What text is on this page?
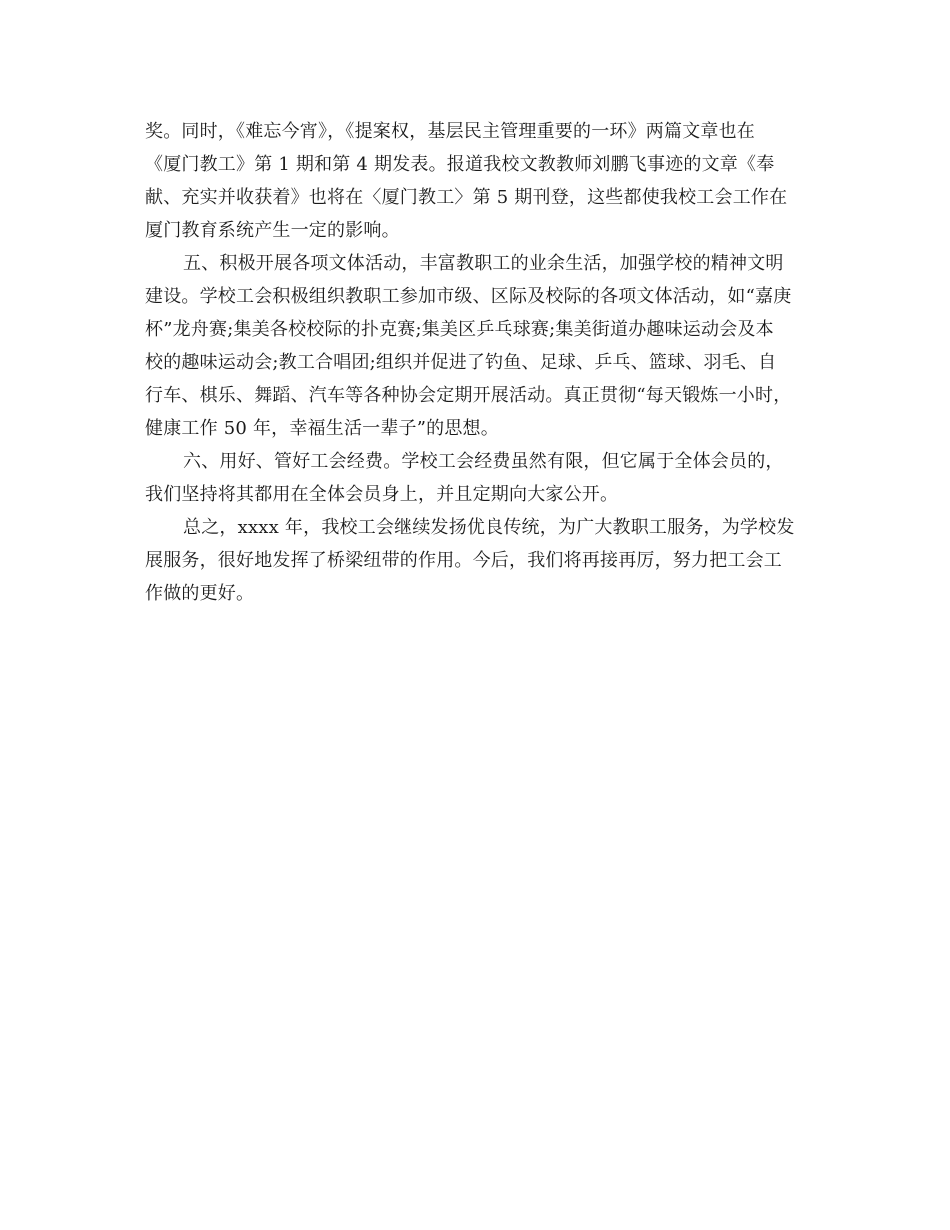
奖。同时，《难忘今宵》，《提案权，基层民主管理重要的一环》两篇文章也在
《厦门教工》第 1 期和第 4 期发表。报道我校文教教师刘鹏飞事迹的文章《奉
献、充实并收获着》也将在〈厦门教工〉第 5 期刊登，这些都使我校工会工作在
厦门教育系统产生一定的影响。
五、积极开展各项文体活动，丰富教职工的业余生活，加强学校的精神文明
建设。学校工会积极组织教职工参加市级、区际及校际的各项文体活动，如“嘉庚
杯”龙舟赛;集美各校校际的扑克赛;集美区乒乓球赛;集美街道办趣味运动会及本
校的趣味运动会;教工合唱团;组织并促进了钓鱼、足球、乒乓、篮球、羽毛、自
行车、棋乐、舞蹈、汽车等各种协会定期开展活动。真正贯彻“每天锻炼一小时，
健康工作 50 年，幸福生活一辈子”的思想。
六、用好、管好工会经费。学校工会经费虽然有限，但它属于全体会员的，
我们坚持将其都用在全体会员身上，并且定期向大家公开。
总之，xxxx 年，我校工会继续发扬优良传统，为广大教职工服务，为学校发
展服务，很好地发挥了桥梁纽带的作用。今后，我们将再接再厉，努力把工会工
作做的更好。
